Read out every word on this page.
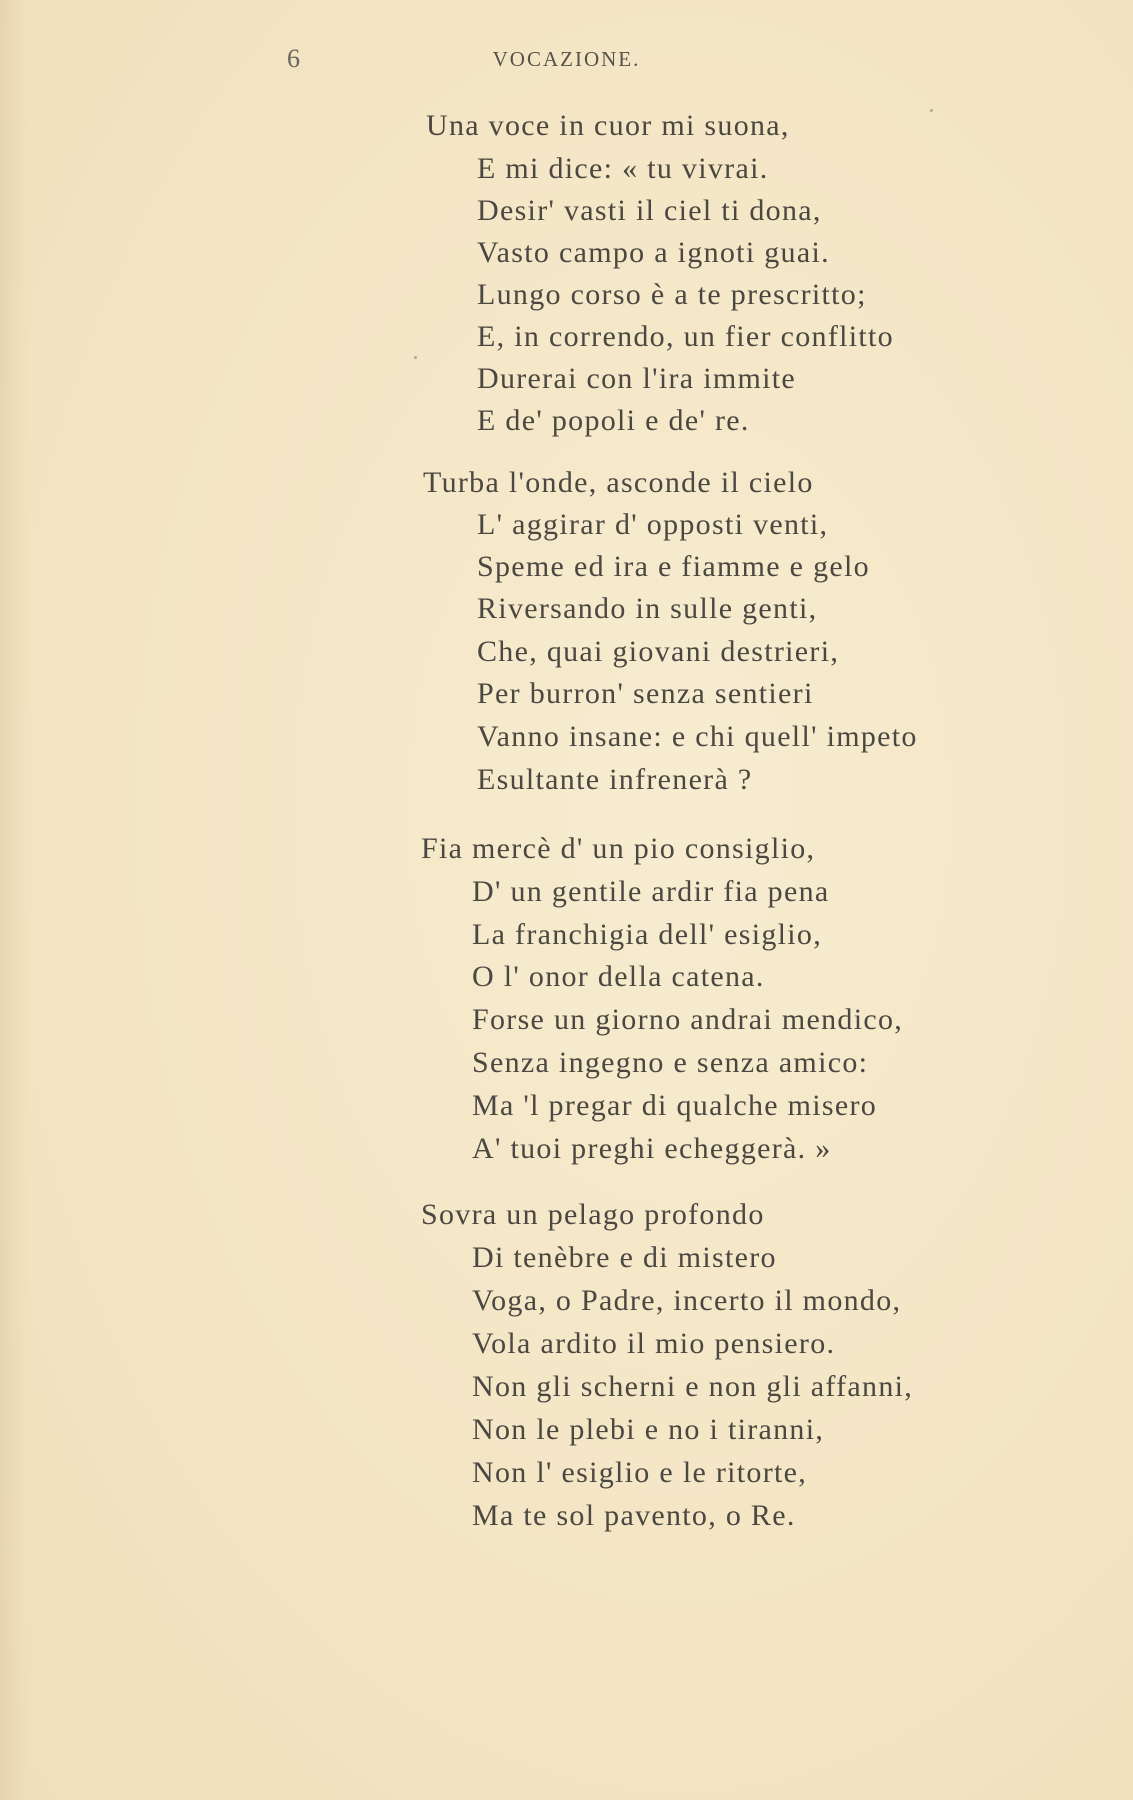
6	VOCAZIONE.
Una voce in cuor mi suona,
E mi dice: « tu vivrai.
Desir' vasti il ciel ti dona,
Vasto campo a ignoti guai.
Lungo corso è a te prescritto;
E, in correndo, un fier conflitto
Durerai con l'ira immite
E de' popoli e de' re.
Turba l'onde, asconde il cielo
L' aggirar d' opposti venti,
Speme ed ira e fiamme e gelo
Riversando in sulle genti,
Che, quai giovani destrieri,
Per burron' senza sentieri
Vanno insane: e chi quell' impeto
Esultante infrenerà ?
Fia mercè d' un pio consiglio,
D' un gentile ardir fia pena
La franchigia dell' esiglio,
O l' onor della catena.
Forse un giorno andrai mendico,
Senza ingegno e senza amico:
Ma 'l pregar di qualche misero
A' tuoi preghi echeggerà. »
Sovra un pelago profondo
Di tenèbre e di mistero
Voga, o Padre, incerto il mondo,
Vola ardito il mio pensiero.
Non gli scherni e non gli affanni,
Non le plebi e no i tiranni,
Non l' esiglio e le ritorte,
Ma te sol pavento, o Re.
